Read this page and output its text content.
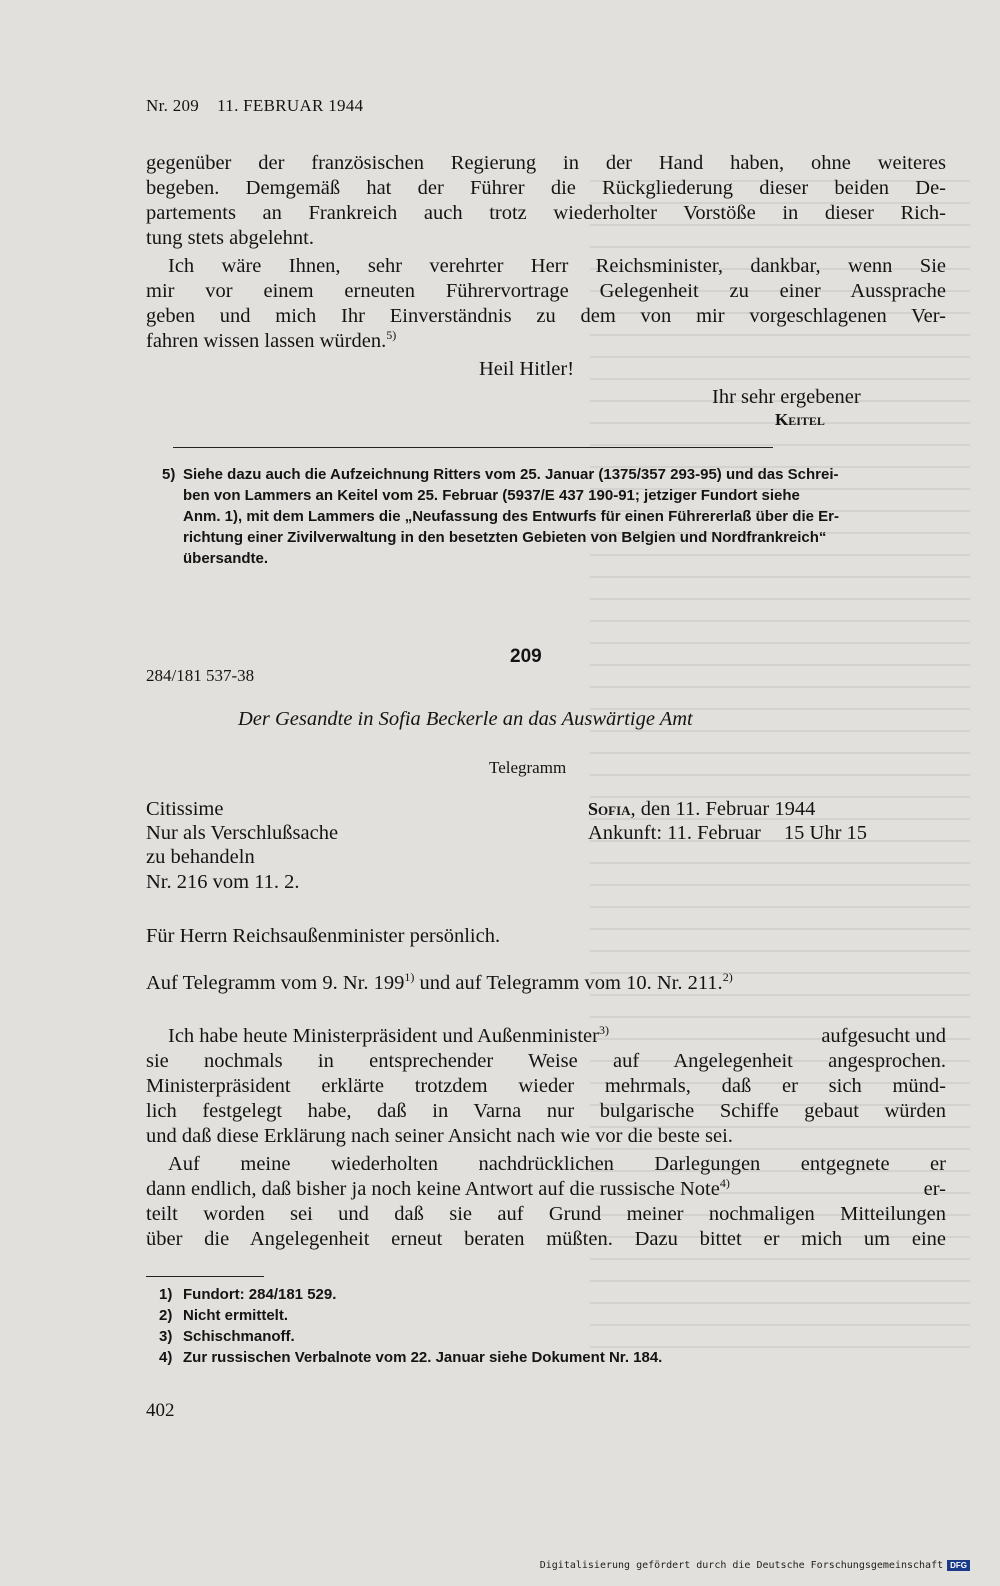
Nr. 209 11. FEBRUAR 1944
gegenüber der französischen Regierung in der Hand haben, ohne weiteres
begeben. Demgemäß hat der Führer die Rückgliederung dieser beiden De-
partements an Frankreich auch trotz wiederholter Vorstöße in dieser Rich-
tung stets abgelehnt.
Ich wäre Ihnen, sehr verehrter Herr Reichsminister, dankbar, wenn Sie
mir vor einem erneuten Führervortrage Gelegenheit zu einer Aussprache
geben und mich Ihr Einverständnis zu dem von mir vorgeschlagenen Ver-
fahren wissen lassen würden.$^{5)}$
Heil Hitler!
Ihr sehr ergebener
Keitel
5) Siehe dazu auch die Aufzeichnung Ritters vom 25. Januar (1375/357 293-95) und das Schrei-
ben von Lammers an Keitel vom 25. Februar (5937/E 437 190-91; jetziger Fundort siehe
Anm. 1), mit dem Lammers die „Neufassung des Entwurfs für einen Führererlaß über die Er-
richtung einer Zivilverwaltung in den besetzten Gebieten von Belgien und Nordfrankreich“
übersandte.
209
284/181 537-38
Der Gesandte in Sofia Beckerle an das Auswärtige Amt
Telegramm
Citissime
Nur als Verschlußsache
zu behandeln
Nr. 216 vom 11. 2.
Sofia, den 11. Februar 1944
Ankunft: 11. Februar 15 Uhr 15
Für Herrn Reichsaußenminister persönlich.
Auf Telegramm vom 9. Nr. 199$^{1)}$ und auf Telegramm vom 10. Nr. 211.$^{2)}$
Ich habe heute Ministerpräsident und Außenminister$^{3)}$	aufgesucht und
sie nochmals in entsprechender Weise auf Angelegenheit angesprochen.
Ministerpräsident erklärte trotzdem wieder mehrmals, daß er sich münd-
lich festgelegt habe, daß in Varna nur bulgarische Schiffe gebaut würden
und daß diese Erklärung nach seiner Ansicht nach wie vor die beste sei.
Auf meine wiederholten nachdrücklichen Darlegungen entgegnete er
dann endlich, daß bisher ja noch keine Antwort auf die russische Note$^{4)}$	er-
teilt worden sei und daß sie auf Grund meiner nochmaligen Mitteilungen
über die Angelegenheit erneut beraten müßten. Dazu bittet er mich um eine
1) Fundort: 284/181 529.
2) Nicht ermittelt.
3) Schischmanoff.
4) Zur russischen Verbalnote vom 22. Januar siehe Dokument Nr. 184.
402
Digitalisierung gefördert durch die Deutsche Forschungsgemeinschaft DFG
